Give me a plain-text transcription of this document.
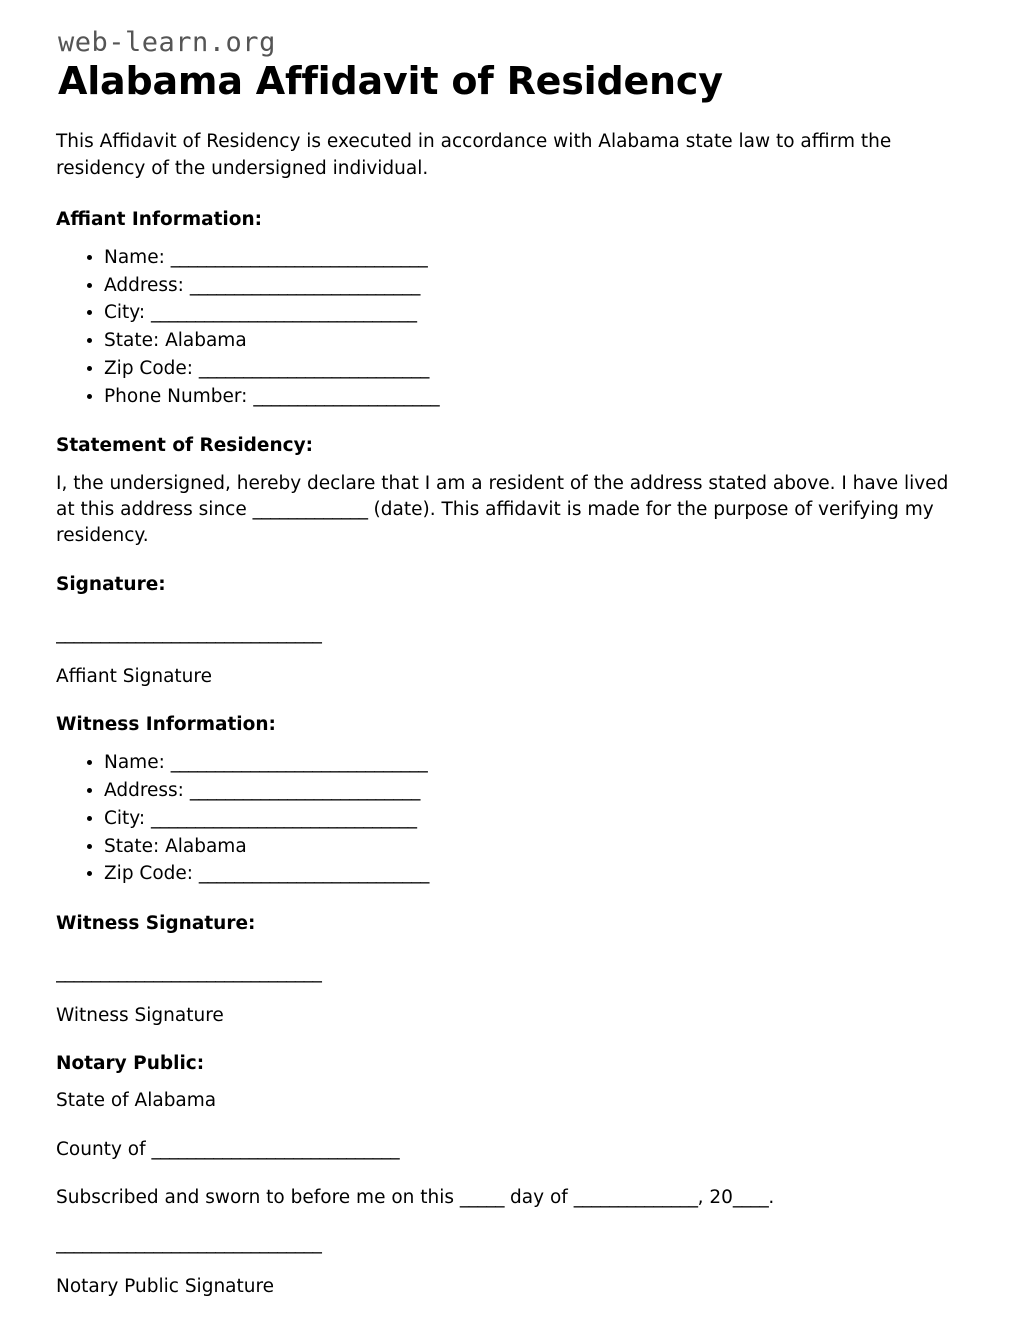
web-learn.org
Alabama Affidavit of Residency

This Affidavit of Residency is executed in accordance with Alabama state law to affirm the residency of the undersigned individual.

Affiant Information:
• Name: _____________________________
• Address: __________________________
• City: ______________________________
• State: Alabama
• Zip Code: __________________________
• Phone Number: _____________________
Statement of Residency:

I, the undersigned, hereby declare that I am a resident of the address stated above. I have lived at this address since _____________ (date). This affidavit is made for the purpose of verifying my residency.

Signature:
______________________________
Affiant Signature
Witness Information:
• Name: _____________________________
• Address: __________________________
• City: ______________________________
• State: Alabama
• Zip Code: __________________________
Witness Signature:
______________________________
Witness Signature
Notary Public:

State of Alabama

County of ____________________________

Subscribed and sworn to before me on this _____ day of ______________, 20____.

______________________________
Notary Public Signature
